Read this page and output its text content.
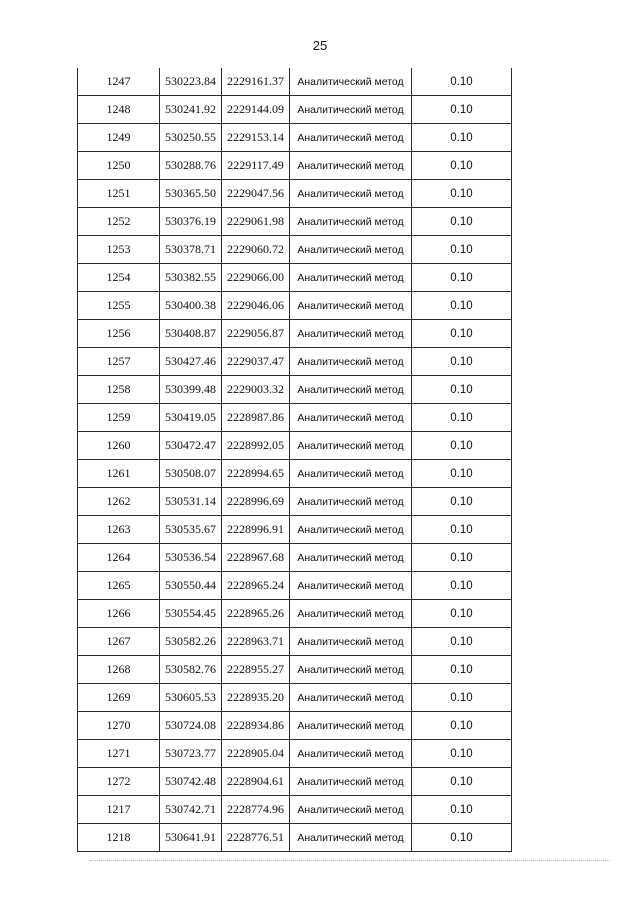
25
1247	530223.84	2229161.37	Аналитический метод	0.10
1248	530241.92	2229144.09	Аналитический метод	0.10
1249	530250.55	2229153.14	Аналитический метод	0.10
1250	530288.76	2229117.49	Аналитический метод	0.10
1251	530365.50	2229047.56	Аналитический метод	0.10
1252	530376.19	2229061.98	Аналитический метод	0.10
1253	530378.71	2229060.72	Аналитический метод	0.10
1254	530382.55	2229066.00	Аналитический метод	0.10
1255	530400.38	2229046.06	Аналитический метод	0.10
1256	530408.87	2229056.87	Аналитический метод	0.10
1257	530427.46	2229037.47	Аналитический метод	0.10
1258	530399.48	2229003.32	Аналитический метод	0.10
1259	530419.05	2228987.86	Аналитический метод	0.10
1260	530472.47	2228992.05	Аналитический метод	0.10
1261	530508.07	2228994.65	Аналитический метод	0.10
1262	530531.14	2228996.69	Аналитический метод	0.10
1263	530535.67	2228996.91	Аналитический метод	0.10
1264	530536.54	2228967.68	Аналитический метод	0.10
1265	530550.44	2228965.24	Аналитический метод	0.10
1266	530554.45	2228965.26	Аналитический метод	0.10
1267	530582.26	2228963.71	Аналитический метод	0.10
1268	530582.76	2228955.27	Аналитический метод	0.10
1269	530605.53	2228935.20	Аналитический метод	0.10
1270	530724.08	2228934.86	Аналитический метод	0.10
1271	530723.77	2228905.04	Аналитический метод	0.10
1272	530742.48	2228904.61	Аналитический метод	0.10
1217	530742.71	2228774.96	Аналитический метод	0.10
1218	530641.91	2228776.51	Аналитический метод	0.10
